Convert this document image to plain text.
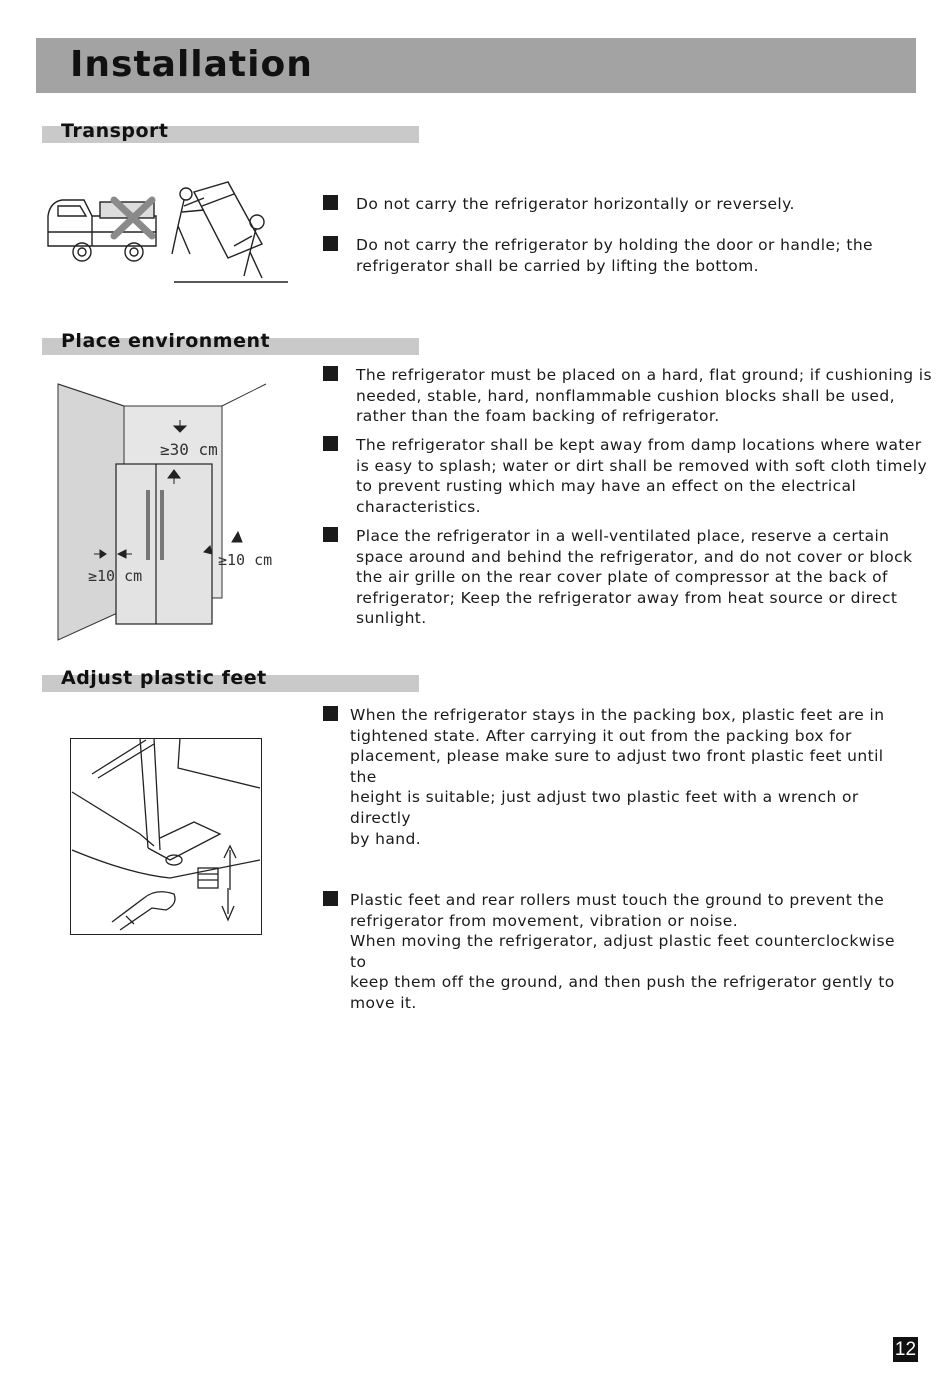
Installation
Transport
Do not carry the refrigerator horizontally or reversely.
Do not carry the refrigerator by holding the door or handle; the
refrigerator shall be carried by lifting the bottom.
Place environment
≥30 cm
≥10 cm
≥10 cm
The refrigerator must be placed on a hard, flat ground; if cushioning is
needed, stable, hard, nonflammable cushion blocks shall be used,
rather than the foam backing of refrigerator.
The refrigerator shall be kept away from damp locations where water
is easy to splash; water or dirt shall be removed with soft cloth timely
to prevent rusting which may have an effect on the electrical
characteristics.
Place the refrigerator in a well-ventilated place, reserve a certain
space around and behind the refrigerator, and do not cover or block
the air grille on the rear cover plate of compressor at the back of
refrigerator; Keep the refrigerator away from heat source or direct
sunlight.
Adjust plastic feet
When the refrigerator stays in the packing box, plastic feet are in
tightened state. After carrying it out from the packing box for
placement, please make sure to adjust two front plastic feet until
the
height is suitable; just adjust two plastic feet with a wrench or
directly
by hand.
Plastic feet and rear rollers must touch the ground to prevent the
refrigerator from movement, vibration or noise.
When moving the refrigerator, adjust plastic feet counterclockwise
to
keep them off the ground, and then push the refrigerator gently to
move it.
12
